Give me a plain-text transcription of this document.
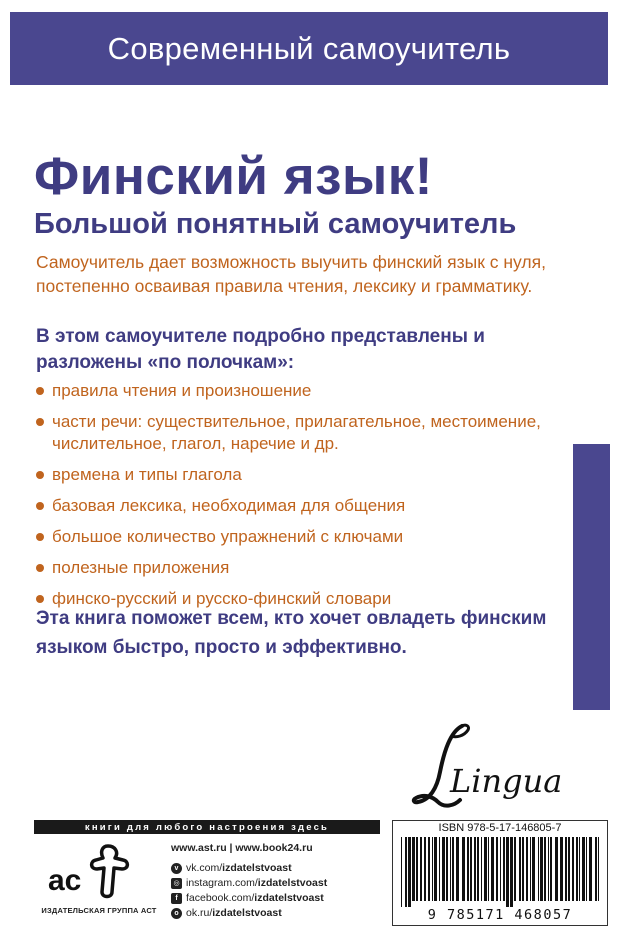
Современный самоучитель
Финский язык!
Большой понятный самоучитель

Самоучитель дает возможность выучить финский язык с нуля, постепенно осваивая правила чтения, лексику и грамматику.

В этом самоучителе подробно представлены и разложены «по полочкам»:

правила чтения и произношение
части речи: существительное, прилагательное, местоимение, числительное, глагол, наречие и др.
времена и типы глагола
базовая лексика, необходимая для общения
большое количество упражнений с ключами
полезные приложения
финско-русский и русско-финский словари

Эта книга поможет всем, кто хочет овладеть финским языком быстро, просто и эффективно.

Lingua
книги для любого настроения здесь
ac
ИЗДАТЕЛЬСКАЯ ГРУППА АСТ
www.ast.ru | www.book24.ru
v vk.com/ izdatelstvoast
◎ instagram.com/ izdatelstvoast
f facebook.com/ izdatelstvoast
o ok.ru/ izdatelstvoast
ISBN 978-5-17-146805-7
9 785171 468057
